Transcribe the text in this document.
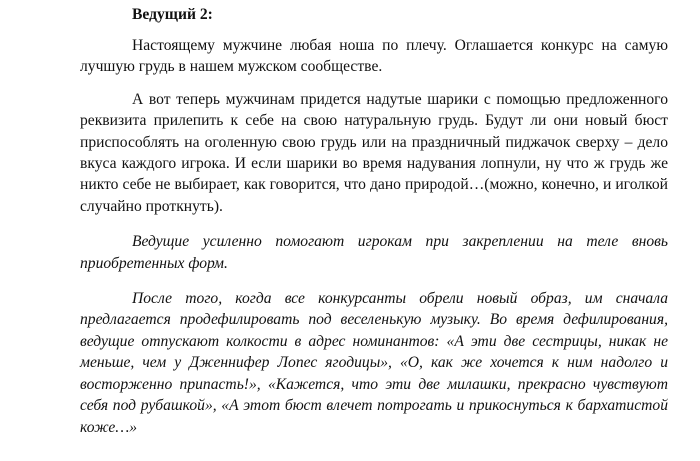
Ведущий 2:

Настоящему мужчине любая ноша по плечу. Оглашается конкурс на самую лучшую грудь в нашем мужском сообществе.

А вот теперь мужчинам придется надутые шарики с помощью предложенного реквизита прилепить к себе на свою натуральную грудь. Будут ли они новый бюст приспособлять на оголенную свою грудь или на праздничный пиджачок сверху – дело вкуса каждого игрока. И если шарики во время надувания лопнули, ну что ж грудь же никто себе не выбирает, как говорится, что дано природой…(можно, конечно, и иголкой случайно проткнуть).

Ведущие усиленно помогают игрокам при закреплении на теле вновь приобретенных форм.

После того, когда все конкурсанты обрели новый образ, им сначала предлагается продефилировать под веселенькую музыку. Во время дефилирования, ведущие отпускают колкости в адрес номинантов: «А эти две сестрицы, никак не меньше, чем у Дженнифер Лопес ягодицы», «О, как же хочется к ним надолго и восторженно припасть!», «Кажется, что эти две милашки, прекрасно чувствуют себя под рубашкой», «А этот бюст влечет потрогать и прикоснуться к бархатистой коже…»
